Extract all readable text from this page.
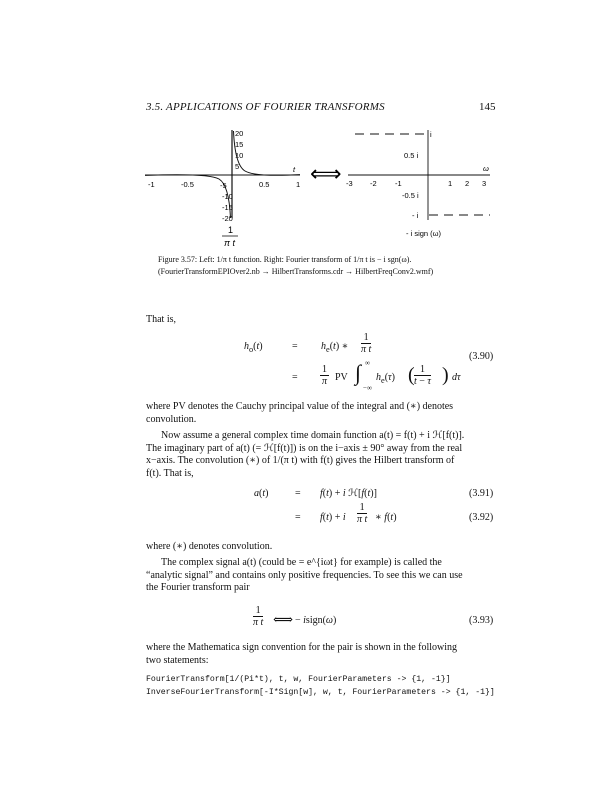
3.5. APPLICATIONS OF FOURIER TRANSFORMS	145
20
15
10
5
-5
-10
-15
-20
-1	-0.5	0.5	1
t
1
π t
⟺
i
0.5 i
-0.5 i
- i
-3 -2 -1	1 2 3
ω
- i sign (ω)
Figure 3.57: Left: 1/π t function. Right: Fourier transform of 1/π t is − i sgn(ω). (FourierTransformEPIOver2.nb → HilbertTransforms.cdr → HilbertFreqConv2.wmf)
That is,
$h_o(t)$	= $h_e(t)$ ∗ $\frac{1}{\text{π t}}$
= $\frac{1}{\pi}$ PV ∫ ∞
−∞
$h_e(\tau)$ ( $\frac{1}{t - \tau}$ ) dτ
(3.90)
where PV denotes the Cauchy principal value of the integral and (∗) denotes convolution.
Now assume a general complex time domain function a(t) = f(t) + i ℋ[f(t)]. The imaginary part of a(t) (= ℋ[f(t)]) is on the i−axis ± 90° away from the real x−axis. The convolution (∗) of 1/(π t) with f(t) gives the Hilbert transform of f(t). That is,
a(t)	= f(t) + i ℋ[f(t)]	(3.91)
= f(t) + i $\frac{1}{\text{π t}}$ ∗ f(t)	(3.92)
where (∗) denotes convolution.
The complex signal a(t) (could be = e^{iωt} for example) is called the “analytic signal” and contains only positive frequencies. To see this we can use the Fourier transform pair
$\frac{1}{\text{π t}}$ ⟺ − isign(ω)	(3.93)
where the Mathematica sign convention for the pair is shown in the following two statements:
FourierTransform[1/(Pi*t), t, w, FourierParameters -> {1, -1}]
InverseFourierTransform[-I*Sign[w], w, t, FourierParameters -> {1, -1}]
